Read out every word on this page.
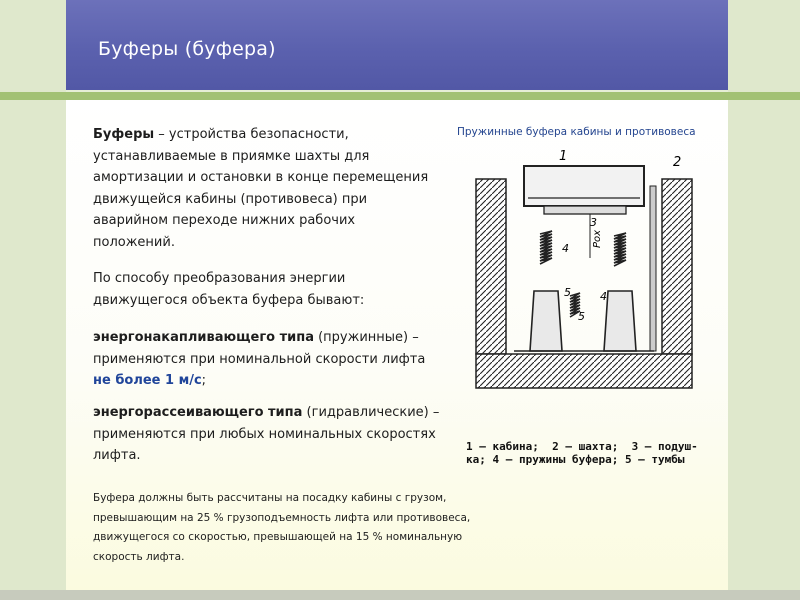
Буферы (буфера)
Буферы – устройства безопасности, устанавливаемые в приямке шахты для амортизации и остановки в конце перемещения движущейся кабины (противовеса) при аварийном переходе нижних рабочих положений.
По способу преобразования энергии движущегося объекта буфера бывают:
энергонакапливающего типа (пружинные) – применяются при номинальной скорости лифта не более 1 м/с;
энергорассеивающего типа (гидравлические) – применяются при любых номинальных скоростях лифта.
Буфера должны быть рассчитаны на посадку кабины с грузом, превышающим на 25 % грузоподъемность лифта или противовеса, движущегося со скоростью, превышающей на 15 % номинальную скорость лифта.
Пружинные буфера кабины и противовеса
Рох
1	2
3
4
4
5
5
1 — кабина;  2 — шахта;  3 — подуш-
ка; 4 — пружины буфера; 5 — тумбы
